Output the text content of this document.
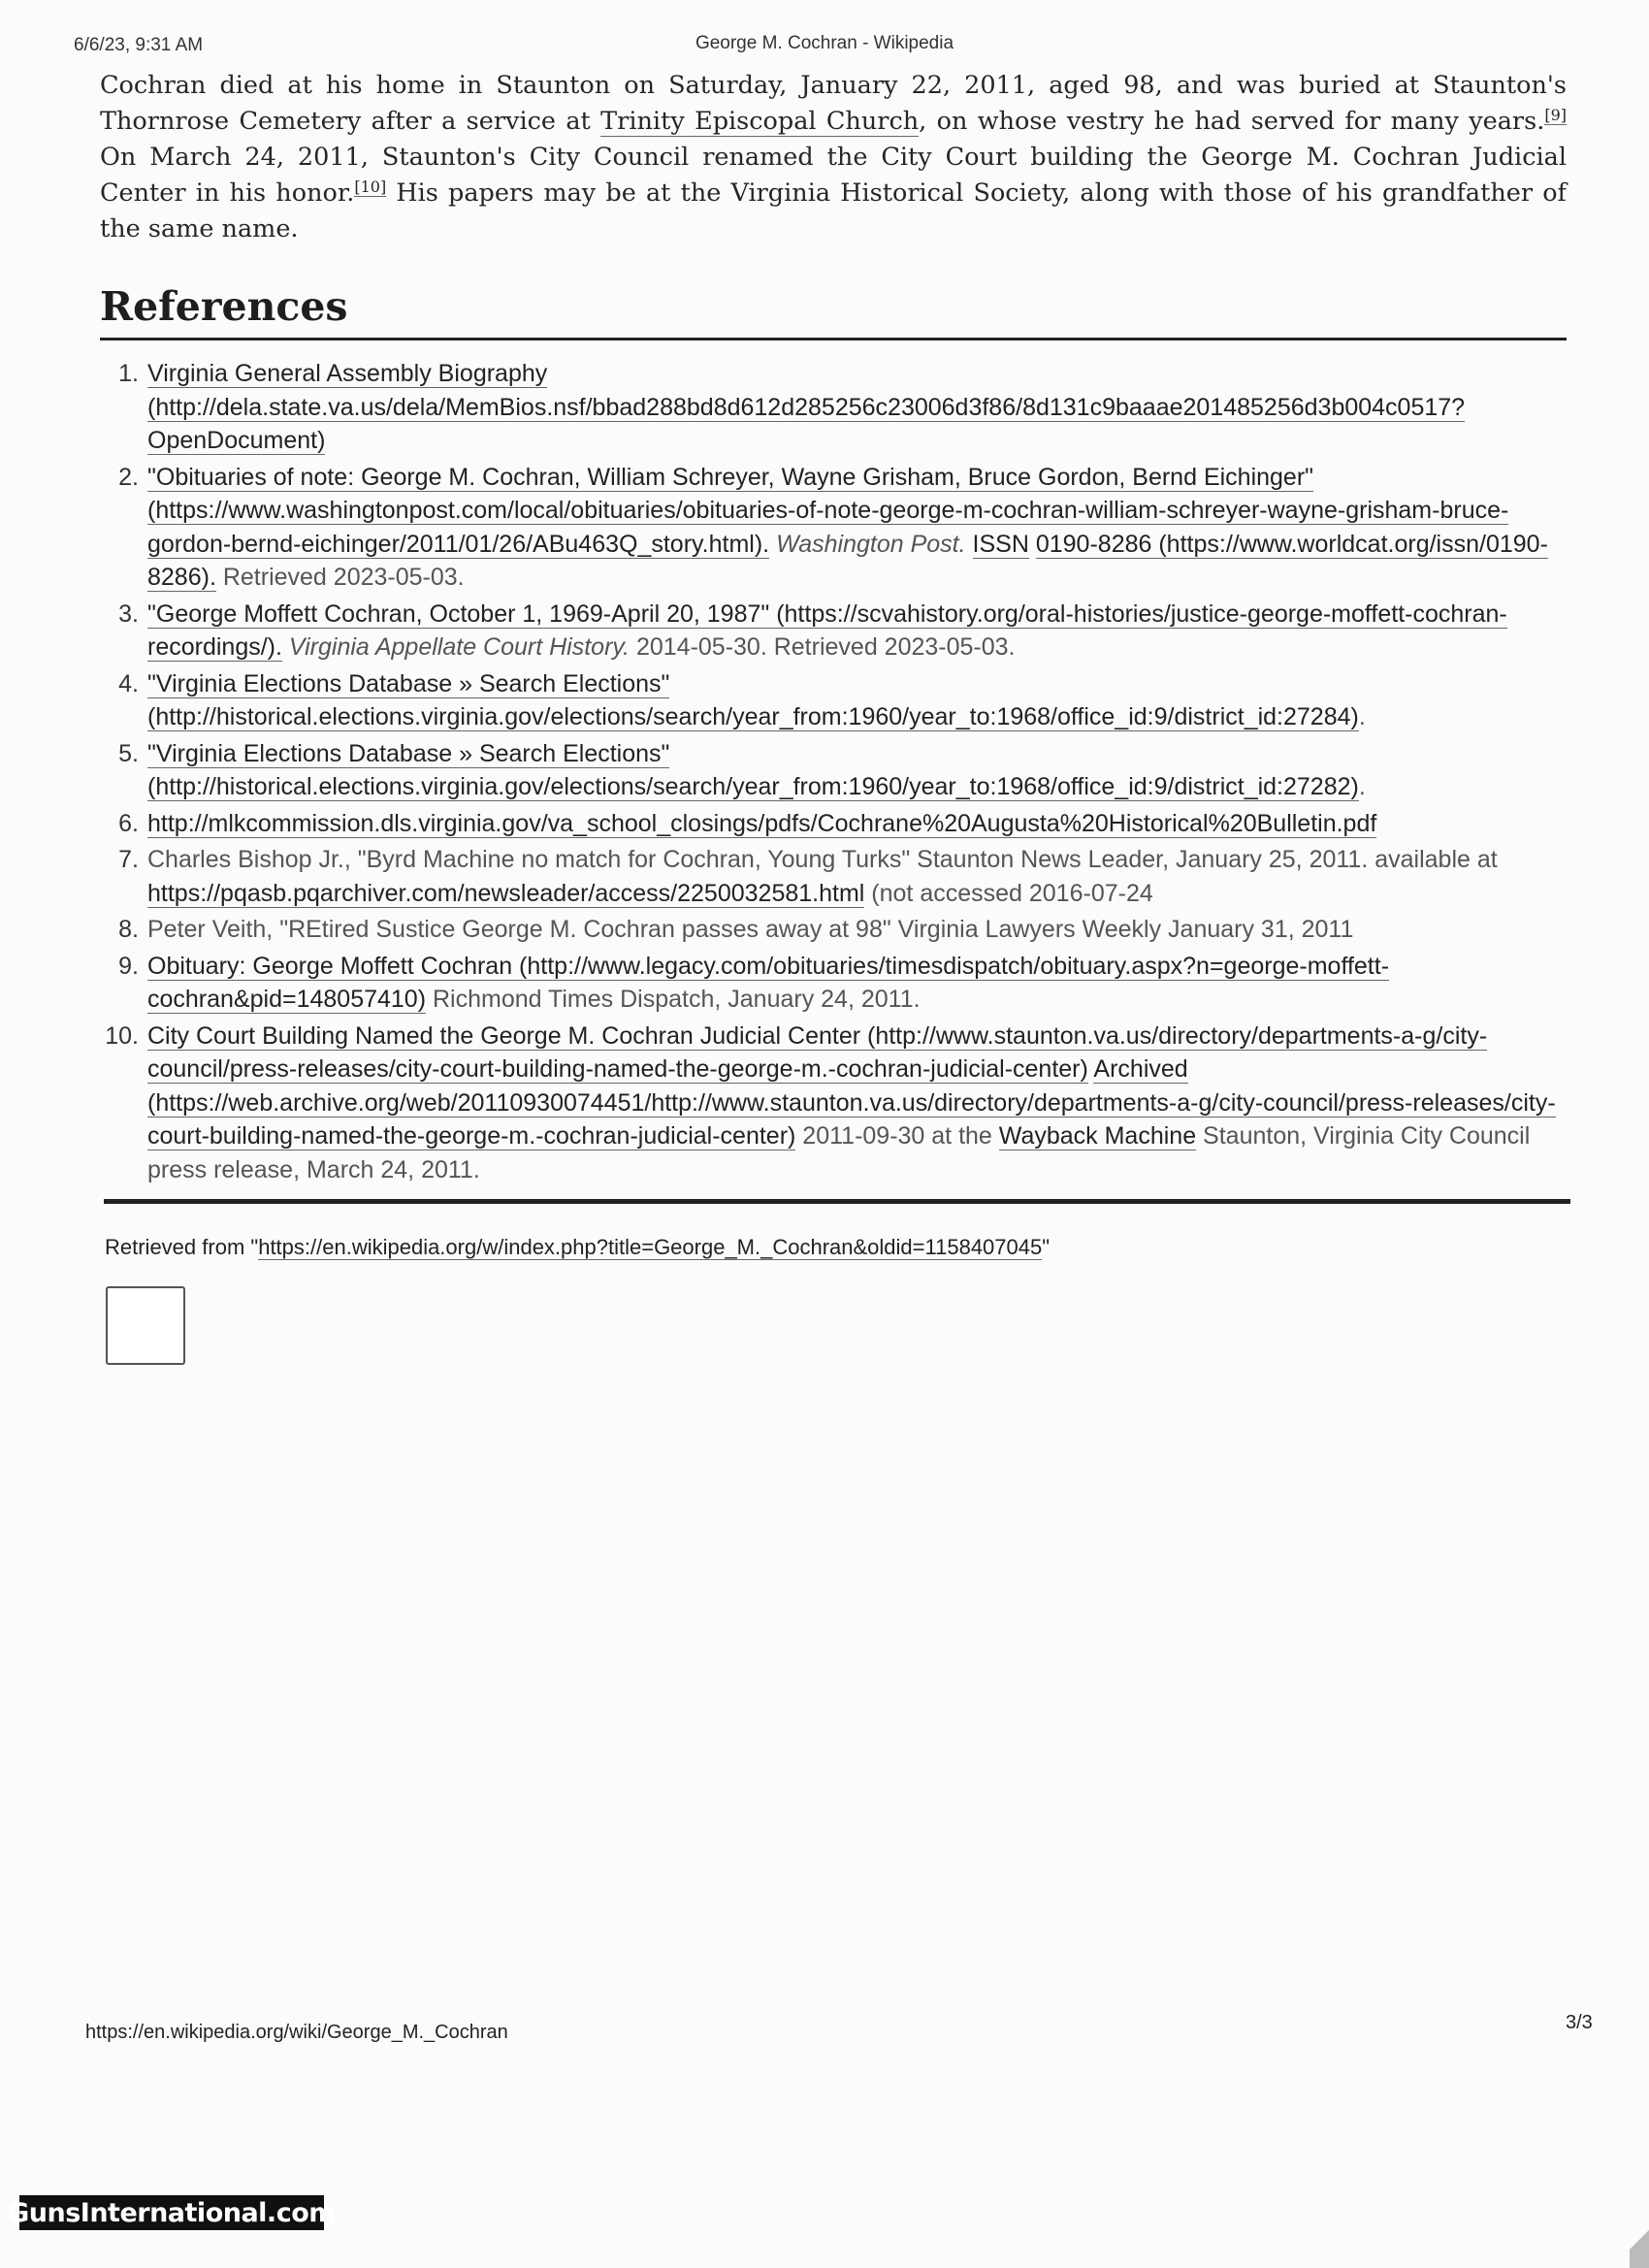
6/6/23, 9:31 AM	George M. Cochran - Wikipedia

Cochran died at his home in Staunton on Saturday, January 22, 2011, aged 98, and was buried at Staunton's Thornrose Cemetery after a service at Trinity Episcopal Church, on whose vestry he had served for many years.[9] On March 24, 2011, Staunton's City Council renamed the City Court building the George M. Cochran Judicial Center in his honor.[10] His papers may be at the Virginia Historical Society, along with those of his grandfather of the same name.

References
1. Virginia General Assembly Biography (http://dela.state.va.us/dela/MemBios.nsf/bbad288bd8d612d285256c23006d3f86/8d131c9baaae201485256d3b004c0517?OpenDocument)
2. "Obituaries of note: George M. Cochran, William Schreyer, Wayne Grisham, Bruce Gordon, Bernd Eichinger" (https://www.washingtonpost.com/local/obituaries/obituaries-of-note-george-m-cochran-william-schreyer-wayne-grisham-bruce-gordon-bernd-eichinger/2011/01/26/ABu463Q_story.html). Washington Post. ISSN 0190-8286 (https://www.worldcat.org/issn/0190-8286). Retrieved 2023-05-03.
3. "George Moffett Cochran, October 1, 1969-April 20, 1987" (https://scvahistory.org/oral-histories/justice-george-moffett-cochran-recordings/). Virginia Appellate Court History. 2014-05-30. Retrieved 2023-05-03.
4. "Virginia Elections Database » Search Elections" (http://historical.elections.virginia.gov/elections/search/year_from:1960/year_to:1968/office_id:9/district_id:27284).
5. "Virginia Elections Database » Search Elections" (http://historical.elections.virginia.gov/elections/search/year_from:1960/year_to:1968/office_id:9/district_id:27282).
6. http://mlkcommission.dls.virginia.gov/va_school_closings/pdfs/Cochrane%20Augusta%20Historical%20Bulletin.pdf
7. Charles Bishop Jr., "Byrd Machine no match for Cochran, Young Turks" Staunton News Leader, January 25, 2011. available at https://pqasb.pqarchiver.com/newsleader/access/2250032581.html (not accessed 2016-07-24
8. Peter Veith, "REtired Sustice George M. Cochran passes away at 98" Virginia Lawyers Weekly January 31, 2011
9. Obituary: George Moffett Cochran (http://www.legacy.com/obituaries/timesdispatch/obituary.aspx?n=george-moffett-cochran&pid=148057410) Richmond Times Dispatch, January 24, 2011.
10. City Court Building Named the George M. Cochran Judicial Center (http://www.staunton.va.us/directory/departments-a-g/city-council/press-releases/city-court-building-named-the-george-m.-cochran-judicial-center) Archived (https://web.archive.org/web/20110930074451/http://www.staunton.va.us/directory/departments-a-g/city-council/press-releases/city-court-building-named-the-george-m.-cochran-judicial-center) 2011-09-30 at the Wayback Machine Staunton, Virginia City Council press release, March 24, 2011.
Retrieved from "https://en.wikipedia.org/w/index.php?title=George_M._Cochran&oldid=1158407045"
https://en.wikipedia.org/wiki/George_M._Cochran	3/3
GunsInternational.com
